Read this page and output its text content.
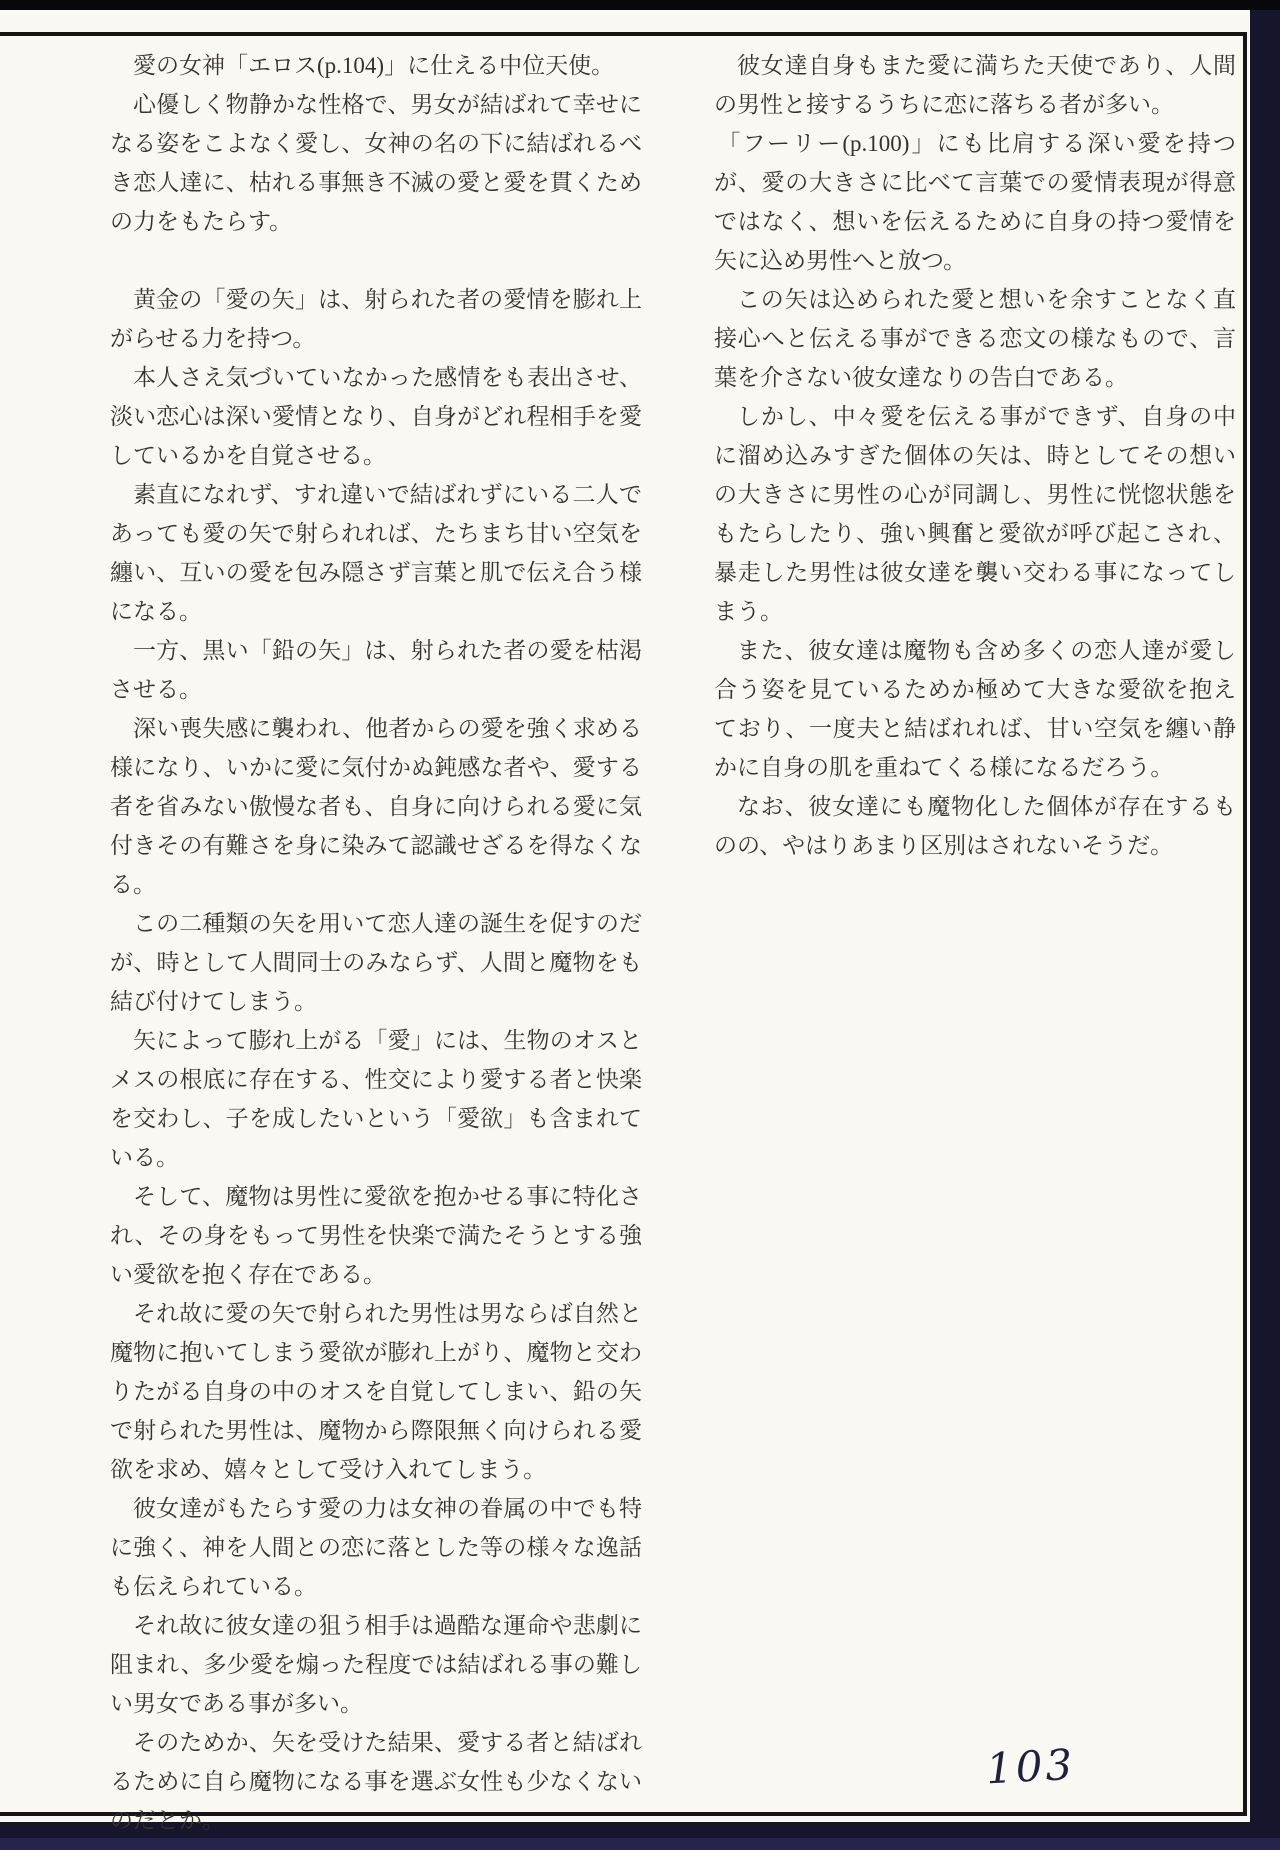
愛の女神「エロス(p.104)」に仕える中位天使。

心優しく物静かな性格で、男女が結ばれて幸せになる姿をこよなく愛し、女神の名の下に結ばれるべき恋人達に、枯れる事無き不滅の愛と愛を貫くための力をもたらす。

黄金の「愛の矢」は、射られた者の愛情を膨れ上がらせる力を持つ。

本人さえ気づいていなかった感情をも表出させ、淡い恋心は深い愛情となり、自身がどれ程相手を愛しているかを自覚させる。

素直になれず、すれ違いで結ばれずにいる二人であっても愛の矢で射られれば、たちまち甘い空気を纏い、互いの愛を包み隠さず言葉と肌で伝え合う様になる。

一方、黒い「鉛の矢」は、射られた者の愛を枯渇させる。

深い喪失感に襲われ、他者からの愛を強く求める様になり、いかに愛に気付かぬ鈍感な者や、愛する者を省みない傲慢な者も、自身に向けられる愛に気付きその有難さを身に染みて認識せざるを得なくなる。

この二種類の矢を用いて恋人達の誕生を促すのだが、時として人間同士のみならず、人間と魔物をも結び付けてしまう。

矢によって膨れ上がる「愛」には、生物のオスとメスの根底に存在する、性交により愛する者と快楽を交わし、子を成したいという「愛欲」も含まれている。

そして、魔物は男性に愛欲を抱かせる事に特化され、その身をもって男性を快楽で満たそうとする強い愛欲を抱く存在である。

それ故に愛の矢で射られた男性は男ならば自然と魔物に抱いてしまう愛欲が膨れ上がり、魔物と交わりたがる自身の中のオスを自覚してしまい、鉛の矢で射られた男性は、魔物から際限無く向けられる愛欲を求め、嬉々として受け入れてしまう。

彼女達がもたらす愛の力は女神の眷属の中でも特に強く、神を人間との恋に落とした等の様々な逸話も伝えられている。

それ故に彼女達の狙う相手は過酷な運命や悲劇に阻まれ、多少愛を煽った程度では結ばれる事の難しい男女である事が多い。

そのためか、矢を受けた結果、愛する者と結ばれるために自ら魔物になる事を選ぶ女性も少なくないのだとか。

彼女達自身もまた愛に満ちた天使であり、人間の男性と接するうちに恋に落ちる者が多い。

「フーリー(p.100)」にも比肩する深い愛を持つが、愛の大きさに比べて言葉での愛情表現が得意ではなく、想いを伝えるために自身の持つ愛情を矢に込め男性へと放つ。

この矢は込められた愛と想いを余すことなく直接心へと伝える事ができる恋文の様なもので、言葉を介さない彼女達なりの告白である。

しかし、中々愛を伝える事ができず、自身の中に溜め込みすぎた個体の矢は、時としてその想いの大きさに男性の心が同調し、男性に恍惚状態をもたらしたり、強い興奮と愛欲が呼び起こされ、暴走した男性は彼女達を襲い交わる事になってしまう。

また、彼女達は魔物も含め多くの恋人達が愛し合う姿を見ているためか極めて大きな愛欲を抱えており、一度夫と結ばれれば、甘い空気を纏い静かに自身の肌を重ねてくる様になるだろう。

なお、彼女達にも魔物化した個体が存在するものの、やはりあまり区別はされないそうだ。

103
